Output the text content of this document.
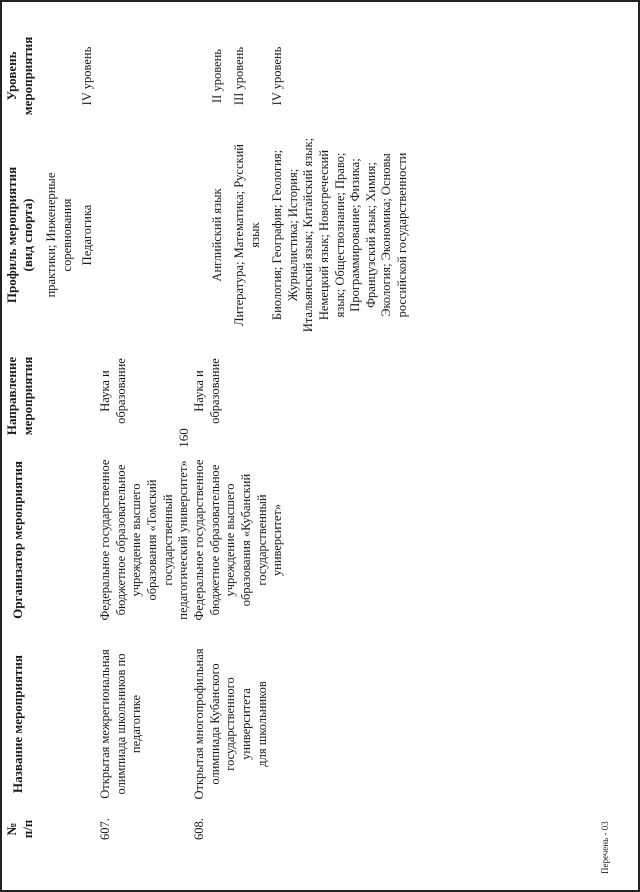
160
№ п/п
Название мероприятия
Организатор мероприятия
Направление мероприятия
Профиль мероприятия (вид спорта)
Уровень мероприятия
практики; Инженерные соревнования
607.
Открытая межрегиональная олимпиада школьников по педагогике
Федеральное государственное бюджетное образовательное учреждение высшего образования «Томский государственный педагогический университет»
Наука и образование
Педагогика
IV уровень
608.
Открытая многопрофильная олимпиада Кубанского государственного университета для школьников
Федеральное государственное бюджетное образовательное учреждение высшего образования «Кубанский государственный университет»
Наука и образование
Английский язык
II уровень
Литература; Математика; Русский язык
III уровень
Биология; География; Геология; Журналистика; История; Итальянский язык; Китайский язык; Немецкий язык; Новогреческий язык; Обществознание; Право; Программирование; Физика; Французский язык; Химия; Экология; Экономика; Основы российской государственности
IV уровень
Перечень - 03
